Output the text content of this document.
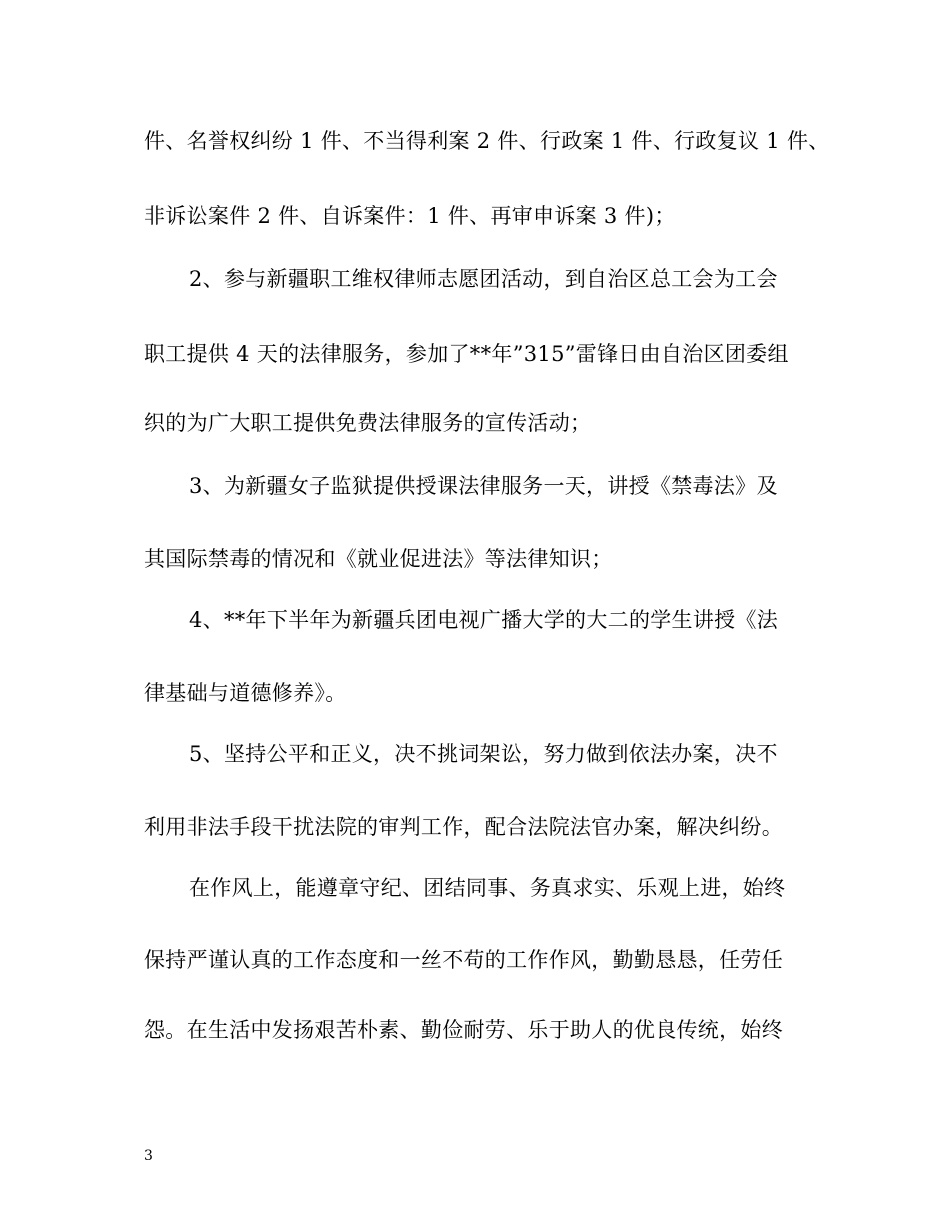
件、名誉权纠纷 1 件、不当得利案 2 件、行政案 1 件、行政复议 1 件、
非诉讼案件 2 件、自诉案件：1 件、再审申诉案 3 件)；
2、参与新疆职工维权律师志愿团活动，到自治区总工会为工会
职工提供 4 天的法律服务，参加了**年”315”雷锋日由自治区团委组
织的为广大职工提供免费法律服务的宣传活动；
3、为新疆女子监狱提供授课法律服务一天，讲授《禁毒法》及
其国际禁毒的情况和《就业促进法》等法律知识；
4、**年下半年为新疆兵团电视广播大学的大二的学生讲授《法
律基础与道德修养》。
5、坚持公平和正义，决不挑词架讼，努力做到依法办案，决不
利用非法手段干扰法院的审判工作，配合法院法官办案，解决纠纷。
在作风上，能遵章守纪、团结同事、务真求实、乐观上进，始终
保持严谨认真的工作态度和一丝不苟的工作作风，勤勤恳恳，任劳任
怨。在生活中发扬艰苦朴素、勤俭耐劳、乐于助人的优良传统，始终
3
